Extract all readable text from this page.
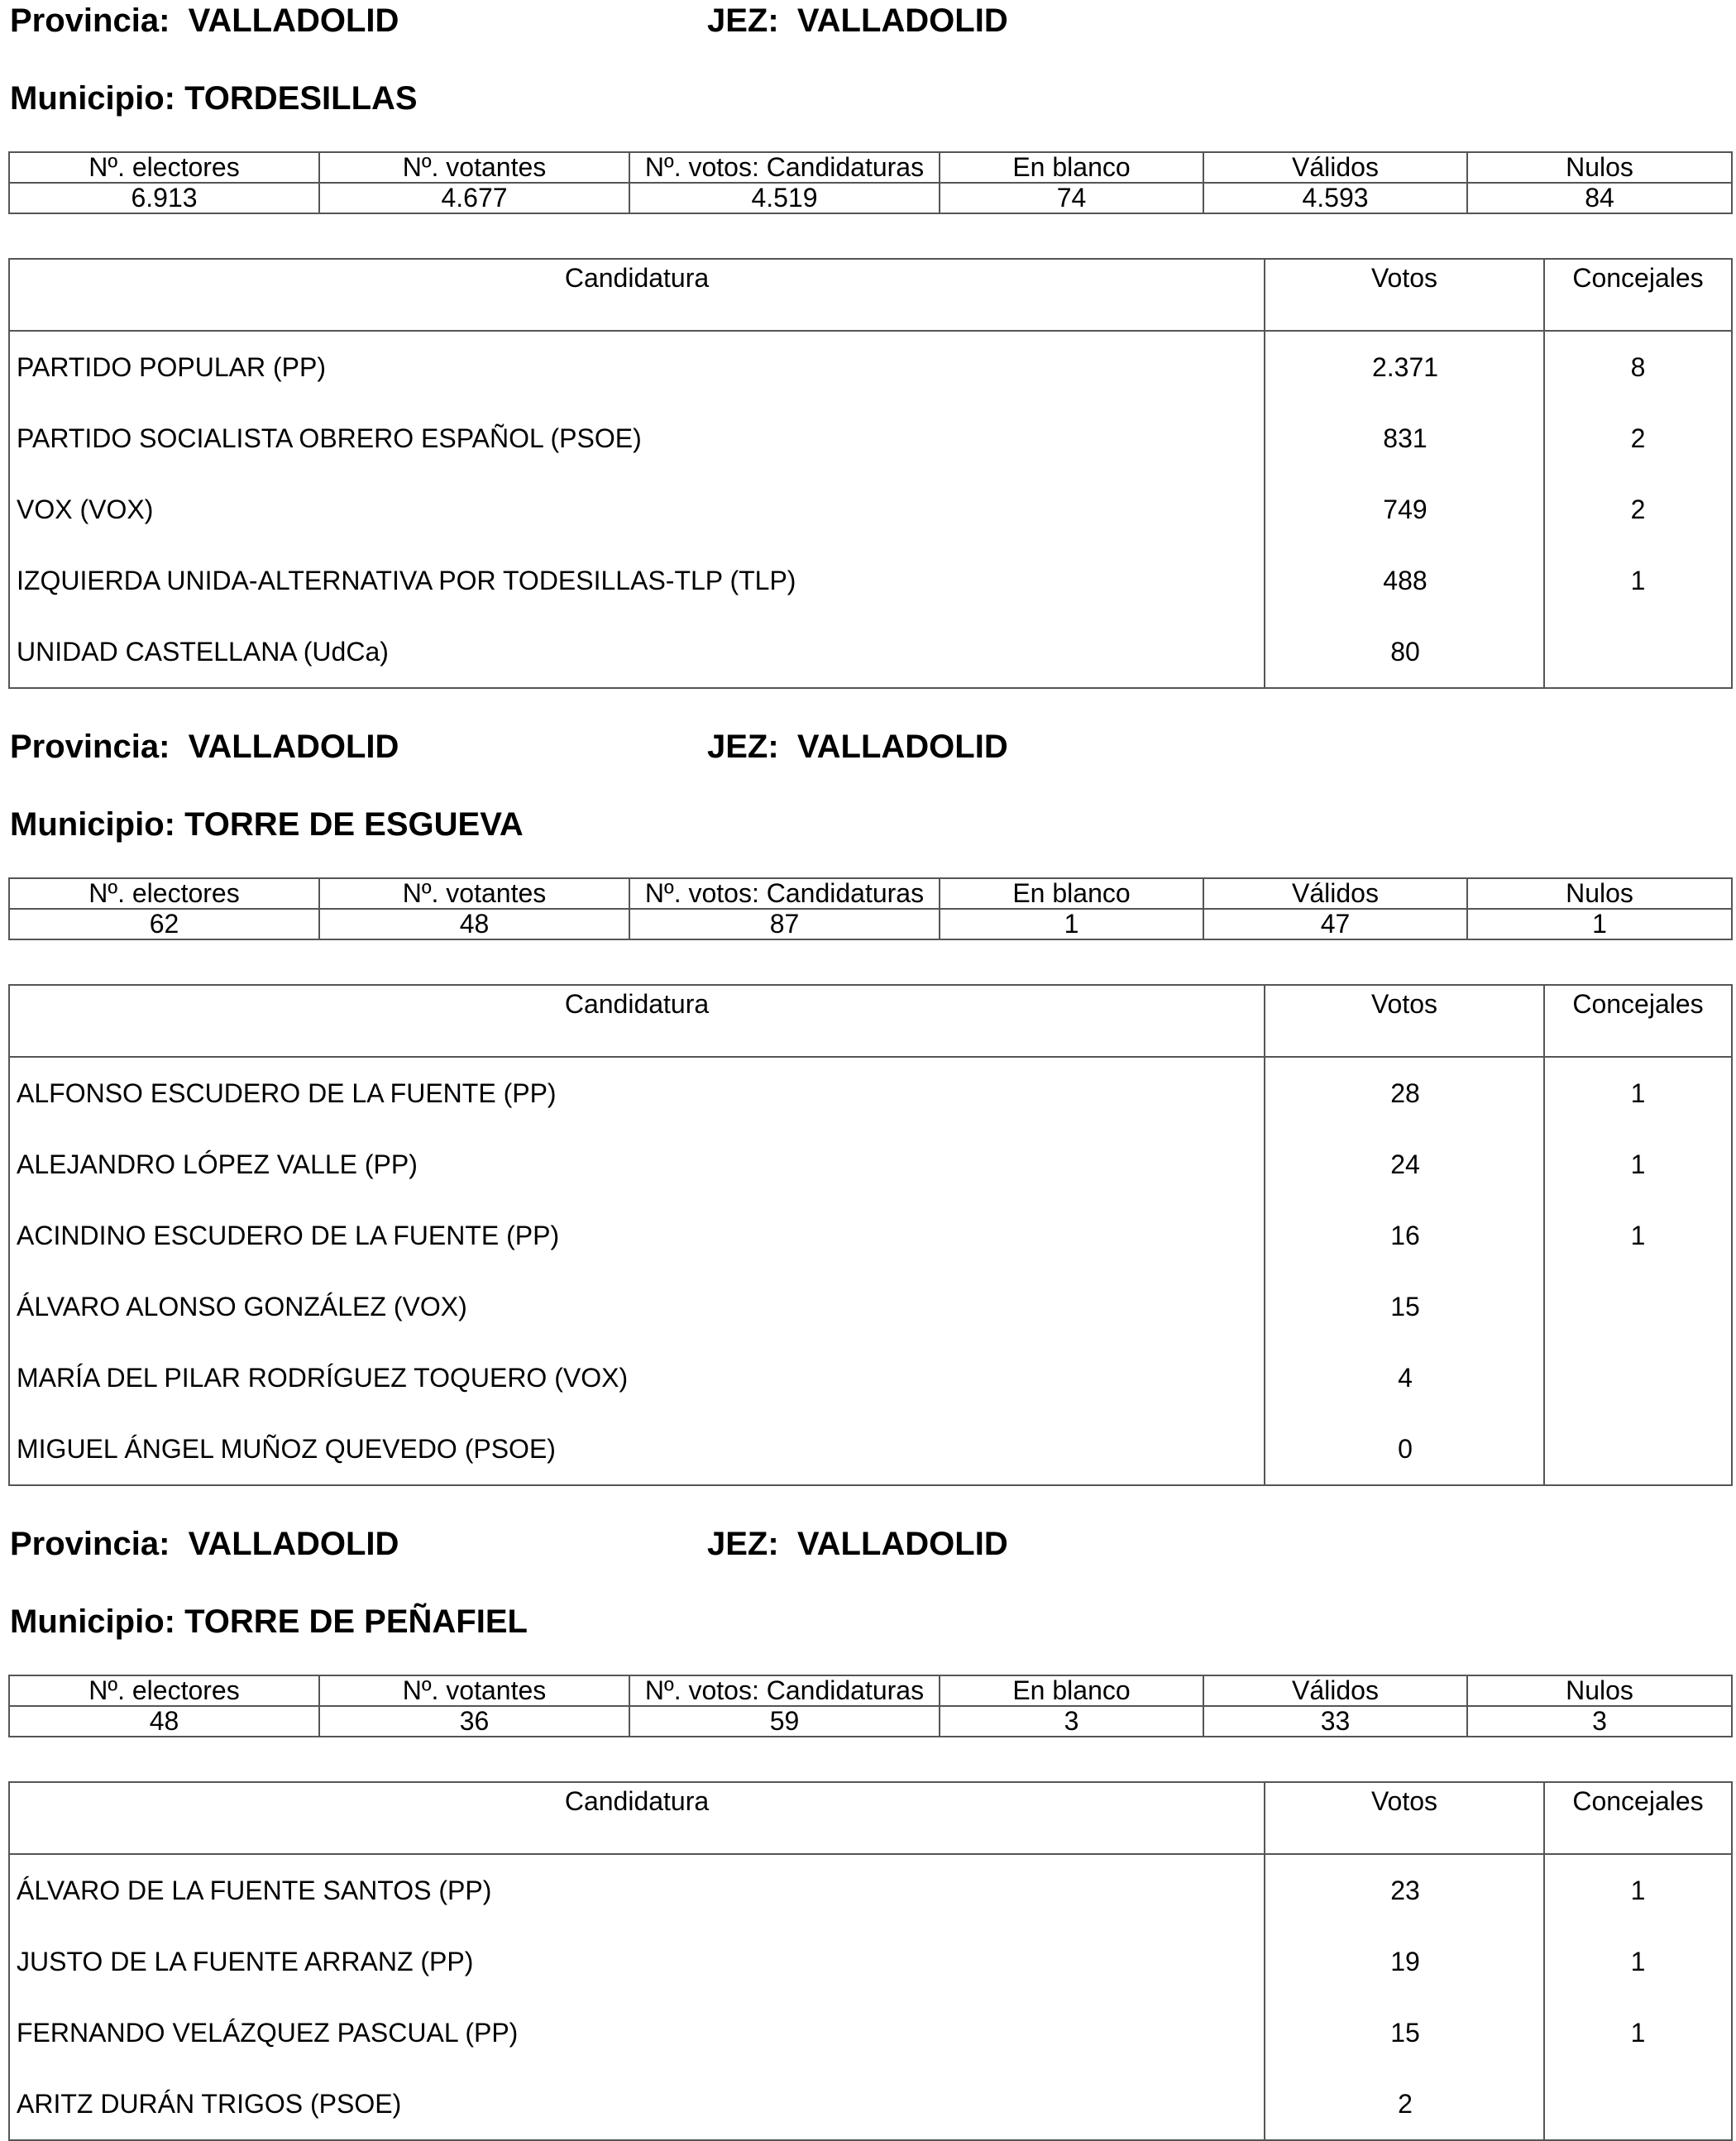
Provincia: VALLADOLID	JEZ: VALLADOLID
Municipio: TORDESILLAS
Nº. electores	Nº. votantes	Nº. votos: Candidaturas	En blanco	Válidos	Nulos
6.913	4.677	4.519	74	4.593	84
Candidatura	Votos	Concejales
PARTIDO POPULAR (PP)	2.371	8
PARTIDO SOCIALISTA OBRERO ESPAÑOL (PSOE)	831	2
VOX (VOX)	749	2
IZQUIERDA UNIDA-ALTERNATIVA POR TODESILLAS-TLP (TLP)	488	1
UNIDAD CASTELLANA (UdCa)	80	
Provincia: VALLADOLID	JEZ: VALLADOLID
Municipio: TORRE DE ESGUEVA
Nº. electores	Nº. votantes	Nº. votos: Candidaturas	En blanco	Válidos	Nulos
62	48	87	1	47	1
Candidatura	Votos	Concejales
ALFONSO ESCUDERO DE LA FUENTE (PP)	28	1
ALEJANDRO LÓPEZ VALLE (PP)	24	1
ACINDINO ESCUDERO DE LA FUENTE (PP)	16	1
ÁLVARO ALONSO GONZÁLEZ (VOX)	15	
MARÍA DEL PILAR RODRÍGUEZ TOQUERO (VOX)	4	
MIGUEL ÁNGEL MUÑOZ QUEVEDO (PSOE)	0	
Provincia: VALLADOLID	JEZ: VALLADOLID
Municipio: TORRE DE PEÑAFIEL
Nº. electores	Nº. votantes	Nº. votos: Candidaturas	En blanco	Válidos	Nulos
48	36	59	3	33	3
Candidatura	Votos	Concejales
ÁLVARO DE LA FUENTE SANTOS (PP)	23	1
JUSTO DE LA FUENTE ARRANZ (PP)	19	1
FERNANDO VELÁZQUEZ PASCUAL (PP)	15	1
ARITZ DURÁN TRIGOS (PSOE)	2	
